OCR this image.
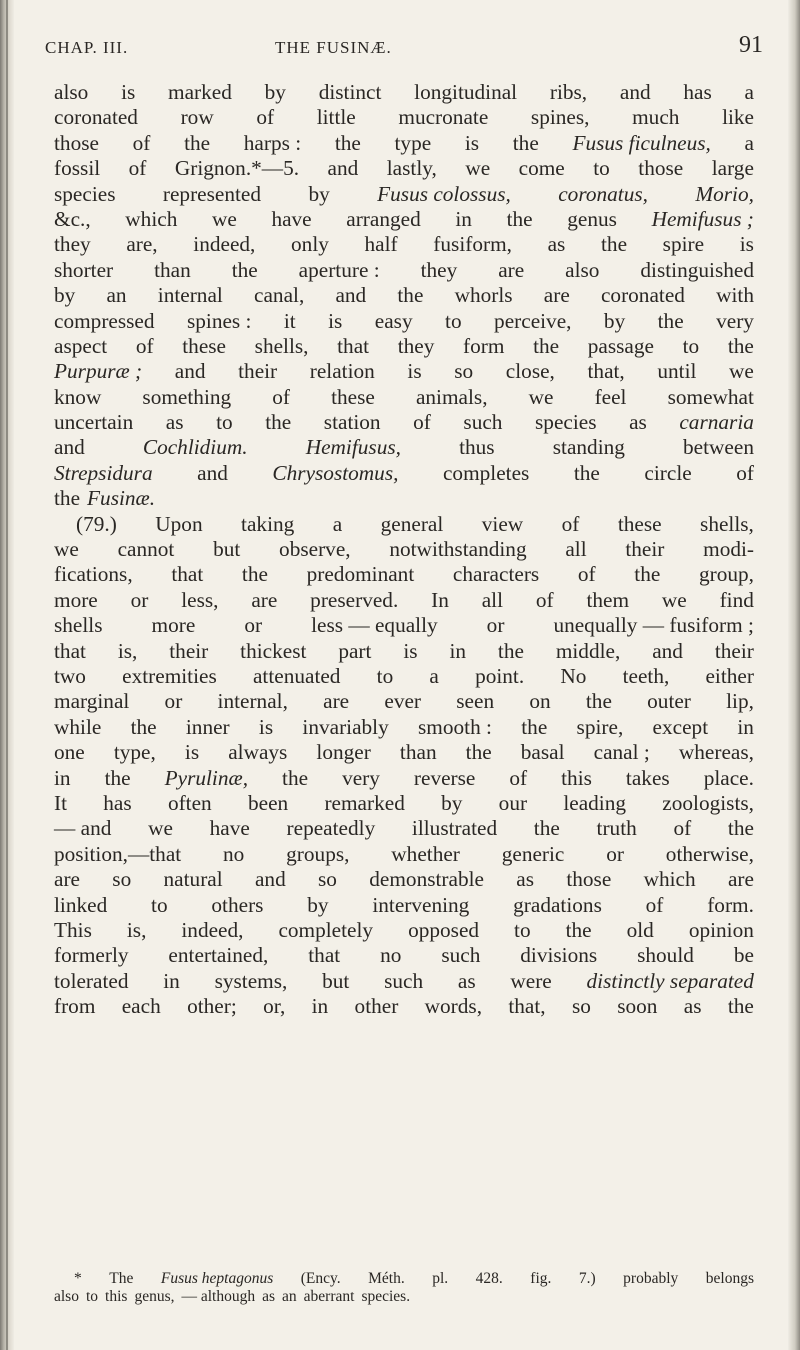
CHAP. III.	THE FUSINÆ.	91
also is marked by distinct longitudinal ribs, and has a
coronated row of little mucronate spines, much like
those of the harps : the type is the Fusus ficulneus, a
fossil of Grignon.*—5. and lastly, we come to those large
species represented by Fusus colossus, coronatus, Morio,
&c., which we have arranged in the genus Hemifusus ;
they are, indeed, only half fusiform, as the spire is
shorter than the aperture : they are also distinguished
by an internal canal, and the whorls are coronated with
compressed spines : it is easy to perceive, by the very
aspect of these shells, that they form the passage to the
Purpuræ ; and their relation is so close, that, until we
know something of these animals, we feel somewhat
uncertain as to the station of such species as carnaria
and	Cochlidium.	Hemifusus,	thus	standing	between
Strepsidura and Chrysostomus, completes the circle of
the Fusinæ.
(79.) Upon taking a general view of these shells,
we cannot but observe, notwithstanding all their modi-
fications, that the predominant characters of the group,
more or less, are preserved. In all of them we find
shells more or less — equally or unequally — fusiform ;
that is, their thickest part is in the middle, and their
two extremities attenuated to a point. No teeth, either
marginal or internal, are ever seen on the outer lip,
while the inner is invariably smooth : the spire, except in
one type, is always longer than the basal canal ; whereas,
in the Pyrulinæ, the very reverse of this takes place.
It has often been remarked by our leading zoologists,
— and we have repeatedly illustrated the truth of the
position,—that no groups, whether generic or otherwise,
are so natural and so demonstrable as those which are
linked to others by intervening gradations of form.
This is, indeed, completely opposed to the old opinion
formerly entertained, that no such divisions should be
tolerated in systems, but such as were distinctly separated
from each other; or, in other words, that, so soon as the
* The Fusus heptagonus (Ency. Méth. pl. 428. fig. 7.) probably belongs
also to this genus, — although as an aberrant species.
